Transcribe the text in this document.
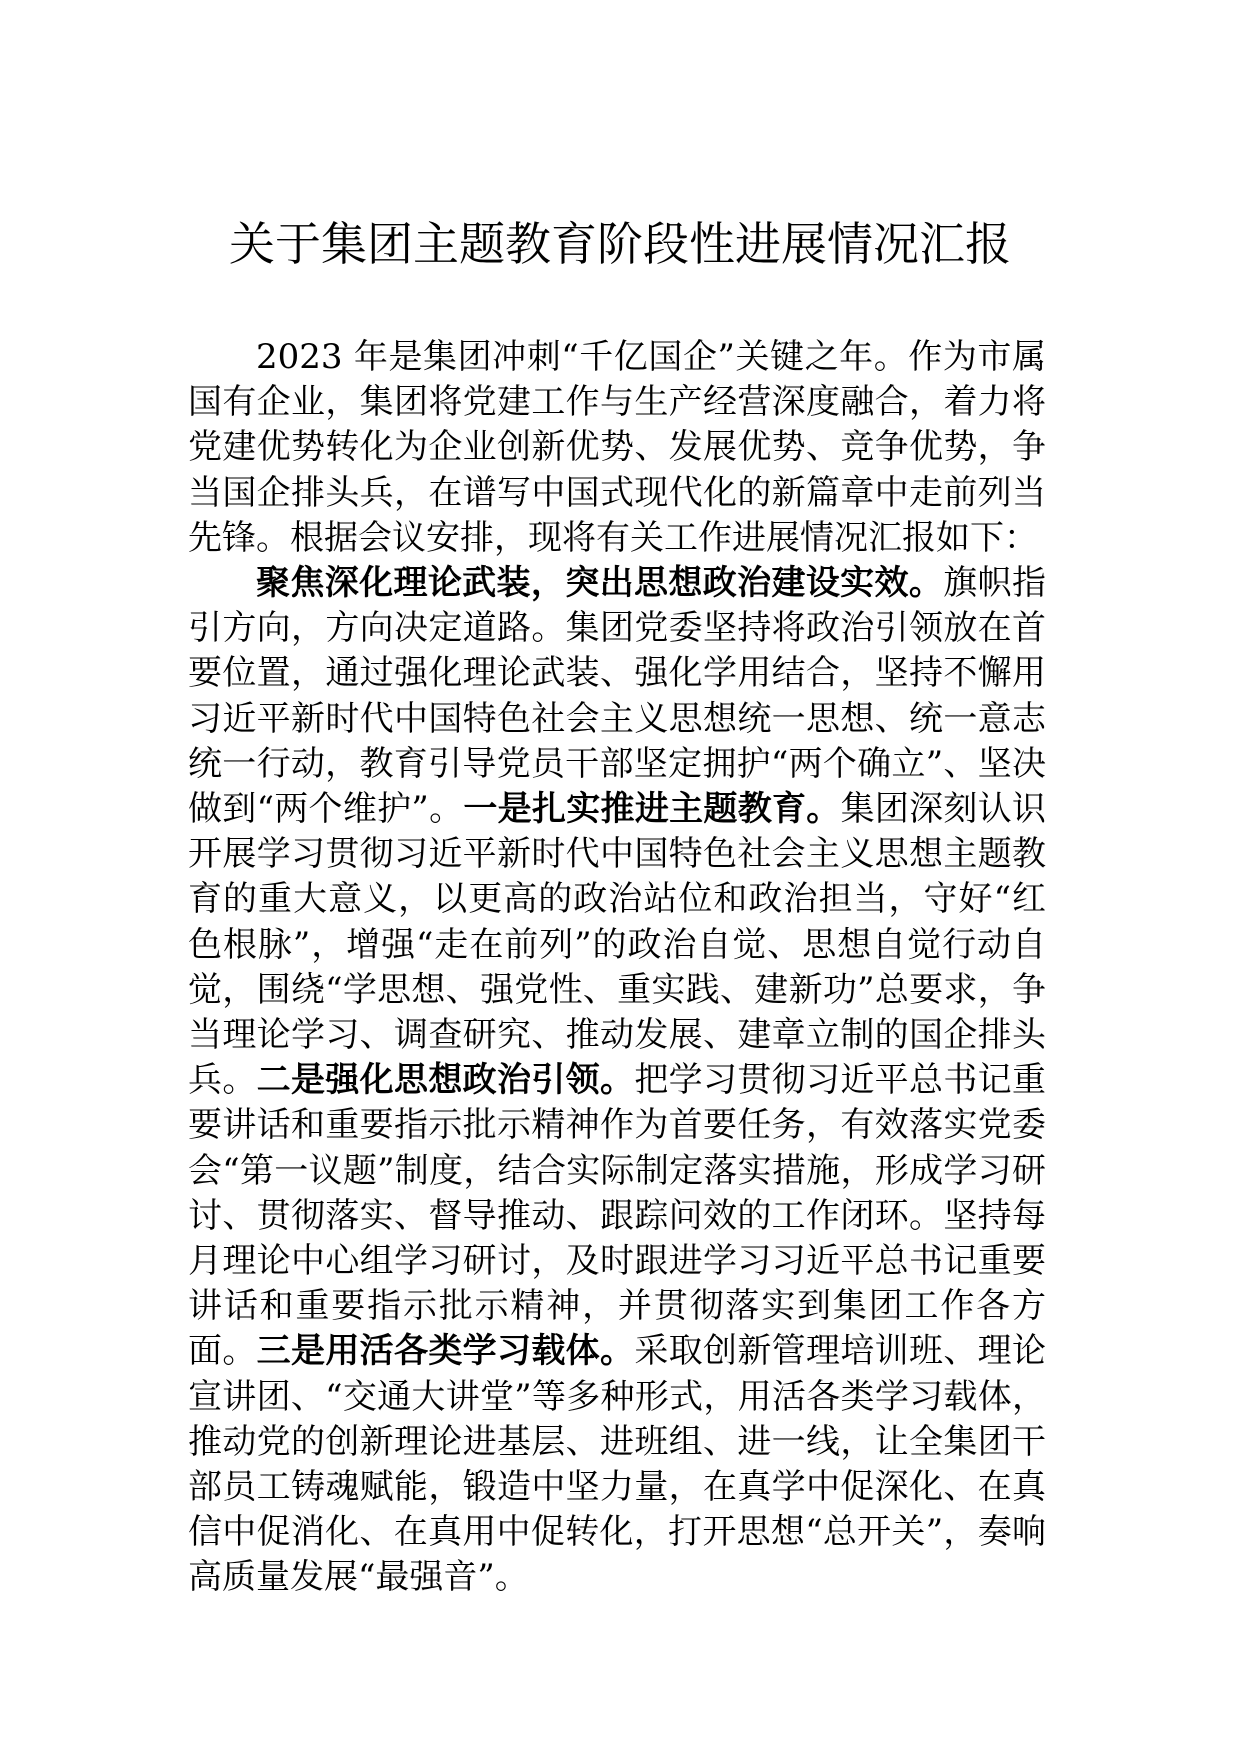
关于集团主题教育阶段性进展情况汇报

2023 年是集团冲刺“千亿国企”关键之年。作为市属国有企业，集团将党建工作与生产经营深度融合，着力将党建优势转化为企业创新优势、发展优势、竞争优势，争当国企排头兵，在谱写中国式现代化的新篇章中走前列当先锋。根据会议安排，现将有关工作进展情况汇报如下：

聚焦深化理论武装，突出思想政治建设实效。旗帜指引方向，方向决定道路。集团党委坚持将政治引领放在首要位置，通过强化理论武装、强化学用结合，坚持不懈用习近平新时代中国特色社会主义思想统一思想、统一意志统一行动，教育引导党员干部坚定拥护“两个确立”、坚决做到“两个维护”。一是扎实推进主题教育。集团深刻认识开展学习贯彻习近平新时代中国特色社会主义思想主题教育的重大意义，以更高的政治站位和政治担当，守好“红色根脉”，增强“走在前列”的政治自觉、思想自觉行动自觉，围绕“学思想、强党性、重实践、建新功”总要求，争当理论学习、调查研究、推动发展、建章立制的国企排头兵。二是强化思想政治引领。把学习贯彻习近平总书记重要讲话和重要指示批示精神作为首要任务，有效落实党委会“第一议题”制度，结合实际制定落实措施，形成学习研讨、贯彻落实、督导推动、跟踪问效的工作闭环。坚持每月理论中心组学习研讨，及时跟进学习习近平总书记重要讲话和重要指示批示精神，并贯彻落实到集团工作各方面。三是用活各类学习载体。采取创新管理培训班、理论宣讲团、“交通大讲堂”等多种形式，用活各类学习载体，推动党的创新理论进基层、进班组、进一线，让全集团干部员工铸魂赋能，锻造中坚力量，在真学中促深化、在真信中促消化、在真用中促转化，打开思想“总开关”，奏响高质量发展“最强音”。
